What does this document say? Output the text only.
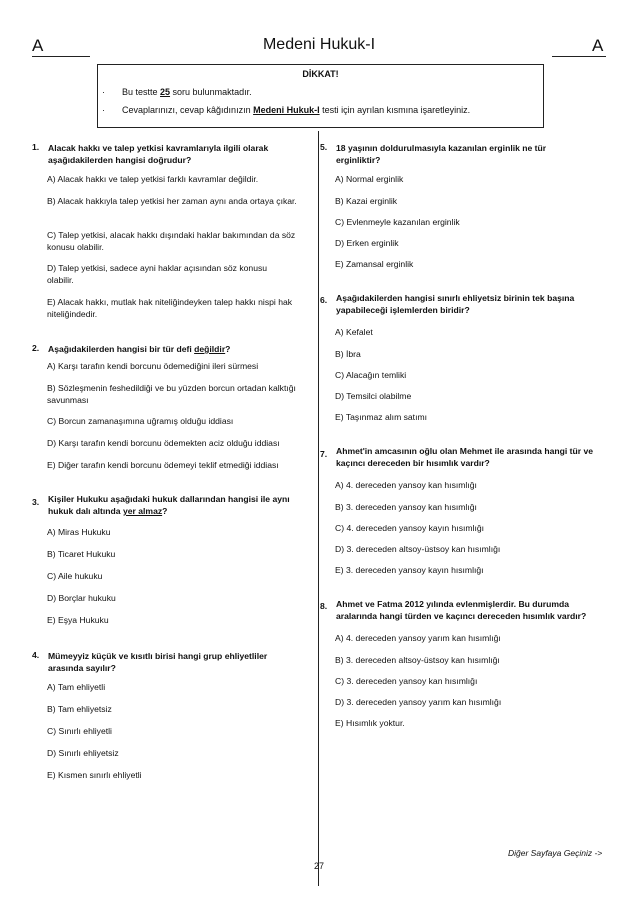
A	Medeni Hukuk-I	A
DİKKAT!
· Bu testte 25 soru bulunmaktadır.
· Cevaplarınızı, cevap kâğıdınızın Medeni Hukuk-I testi için ayrılan kısmına işaretleyiniz.
1. Alacak hakkı ve talep yetkisi kavramlarıyla ilgili olarak aşağıdakilerden hangisi doğrudur?
A) Alacak hakkı ve talep yetkisi farklı kavramlar değildir.
B) Alacak hakkıyla talep yetkisi her zaman aynı anda ortaya çıkar.
C) Talep yetkisi, alacak hakkı dışındaki haklar bakımından da söz konusu olabilir.
D) Talep yetkisi, sadece ayni haklar açısından söz konusu olabilir.
E) Alacak hakkı, mutlak hak niteliğindeyken talep hakkı nispi hak niteliğindedir.
2. Aşağıdakilerden hangisi bir tür defi değildir?
A) Karşı tarafın kendi borcunu ödemediğini ileri sürmesi
B) Sözleşmenin feshedildiği ve bu yüzden borcun ortadan kalktığı savunması
C) Borcun zamanaşımına uğramış olduğu iddiası
D) Karşı tarafın kendi borcunu ödemekten aciz olduğu iddiası
E) Diğer tarafın kendi borcunu ödemeyi teklif etmediği iddiası
3. Kişiler Hukuku aşağıdaki hukuk dallarından hangisi ile aynı hukuk dalı altında yer almaz?
A) Miras Hukuku
B) Ticaret Hukuku
C) Aile hukuku
D) Borçlar hukuku
E) Eşya Hukuku
4. Mümeyyiz küçük ve kısıtlı birisi hangi grup ehliyetliler arasında sayılır?
A) Tam ehliyetli
B) Tam ehliyetsiz
C) Sınırlı ehliyetli
D) Sınırlı ehliyetsiz
E) Kısmen sınırlı ehliyetli
5. 18 yaşının doldurulmasıyla kazanılan erginlik ne tür erginliktir?
A) Normal erginlik
B) Kazai erginlik
C) Evlenmeyle kazanılan erginlik
D) Erken erginlik
E) Zamansal erginlik
6. Aşağıdakilerden hangisi sınırlı ehliyetsiz birinin tek başına yapabileceği işlemlerden biridir?
A) Kefalet
B) İbra
C) Alacağın temliki
D) Temsilci olabilme
E) Taşınmaz alım satımı
7. Ahmet'in amcasının oğlu olan Mehmet ile arasında hangi tür ve kaçıncı dereceden bir hısımlık vardır?
A) 4. dereceden yansoy kan hısımlığı
B) 3. dereceden yansoy kan hısımlığı
C) 4. dereceden yansoy kayın hısımlığı
D) 3. dereceden altsoy-üstsoy kan hısımlığı
E) 3. dereceden yansoy kayın hısımlığı
8. Ahmet ve Fatma 2012 yılında evlenmişlerdir. Bu durumda aralarında hangi türden ve kaçıncı dereceden hısımlık vardır?
A) 4. dereceden yansoy yarım kan hısımlığı
B) 3. dereceden altsoy-üstsoy kan hısımlığı
C) 3. dereceden yansoy kan hısımlığı
D) 3. dereceden yansoy yarım kan hısımlığı
E) Hısımlık yoktur.
Diğer Sayfaya Geçiniz ->
27
